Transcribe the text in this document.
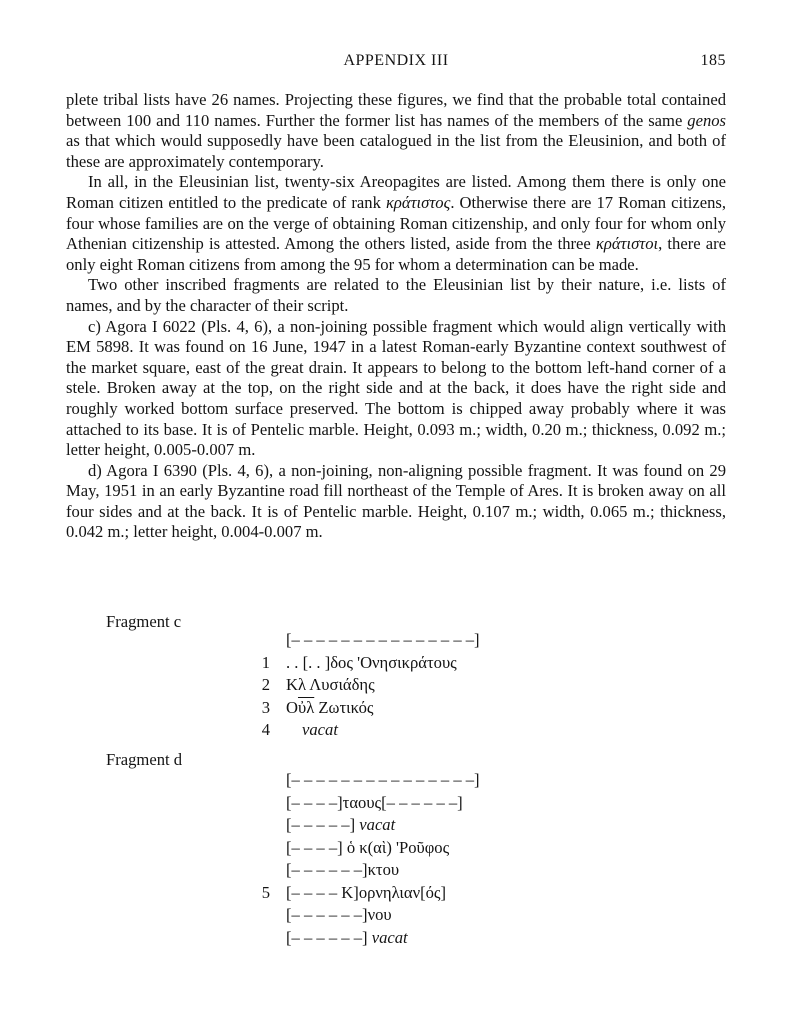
APPENDIX III	185

plete tribal lists have 26 names. Projecting these figures, we find that the probable total contained between 100 and 110 names. Further the former list has names of the members of the same genos as that which would supposedly have been catalogued in the list from the Eleusinion, and both of these are approximately contemporary.

In all, in the Eleusinian list, twenty-six Areopagites are listed. Among them there is only one Roman citizen entitled to the predicate of rank κράτιστος. Otherwise there are 17 Roman citizens, four whose families are on the verge of obtaining Roman citizenship, and only four for whom only Athenian citizenship is attested. Among the others listed, aside from the three κράτιστοι, there are only eight Roman citizens from among the 95 for whom a determination can be made.

Two other inscribed fragments are related to the Eleusinian list by their nature, i.e. lists of names, and by the character of their script.

c) Agora I 6022 (Pls. 4, 6), a non-joining possible fragment which would align vertically with EM 5898. It was found on 16 June, 1947 in a latest Roman-early Byzantine context southwest of the market square, east of the great drain. It appears to belong to the bottom left-hand corner of a stele. Broken away at the top, on the right side and at the back, it does have the right side and roughly worked bottom surface preserved. The bottom is chipped away probably where it was attached to its base. It is of Pentelic marble. Height, 0.093 m.; width, 0.20 m.; thickness, 0.092 m.; letter height, 0.005-0.007 m.

d) Agora I 6390 (Pls. 4, 6), a non-joining, non-aligning possible fragment. It was found on 29 May, 1951 in an early Byzantine road fill northeast of the Temple of Ares. It is broken away on all four sides and at the back. It is of Pentelic marble. Height, 0.107 m.; width, 0.065 m.; thickness, 0.042 m.; letter height, 0.004-0.007 m.

Fragment c
[– – – – – – – – – – – – – – –]
1 . . [. . ]δος 'Ονησικράτους
2 Κλ Λυσιάδης
3 $O\overline{ὐ\lambda}$ Ζωτικός
4 vacat
Fragment d
[– – – – – – – – – – – – – – –]
[– – – –]ταους[– – – – – –]
[– – – – –] vacat
[– – – –] ὁ κ(αὶ) 'Ροῦφος
[– – – – – –]κτου
5 [– – – – Κ]ορνηλιαν[ός]
[– – – – – –]νου
[– – – – – –] vacat
